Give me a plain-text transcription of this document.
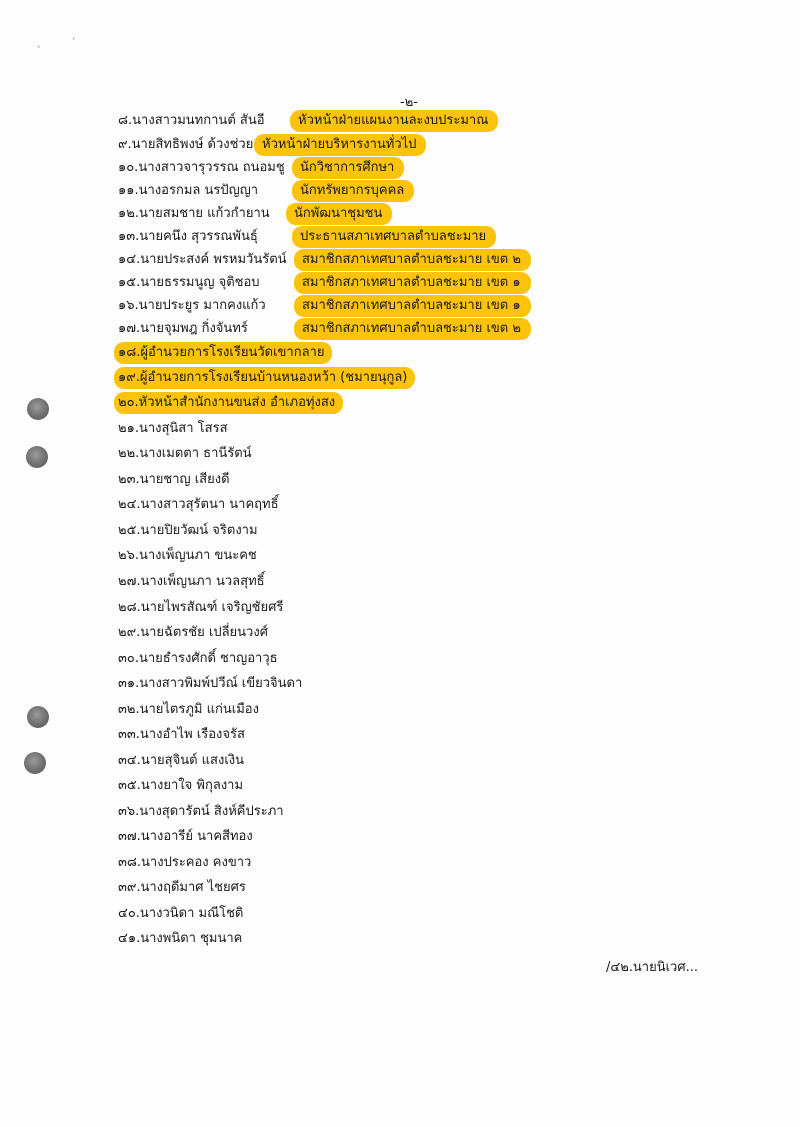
`
´
-๒-
๘.นางสาวมนทกานต์ สันอี	หัวหน้าฝ่ายแผนงานละงบประมาณ
๙.นายสิทธิพงษ์ ด้วงช่วย หัวหน้าฝ่ายบริหารงานทั่วไป
๑๐.นางสาวจารุวรรณ ถนอมชู	นักวิชาการศึกษา
๑๑.นางอรกมล นรปัญญา	นักทรัพยากรบุคคล
๑๒.นายสมชาย แก้วกำยาน	นักพัฒนาชุมชน
๑๓.นายคนึง สุวรรณพันธุ์	ประธานสภาเทศบาลตำบลชะมาย
๑๔.นายประสงค์ พรหมวันรัตน์	สมาชิกสภาเทศบาลตำบลชะมาย เขต ๒
๑๕.นายธรรมนูญ จุติชอบ	สมาชิกสภาเทศบาลตำบลชะมาย เขต ๑
๑๖.นายประยูร มากคงแก้ว	สมาชิกสภาเทศบาลตำบลชะมาย เขต ๑
๑๗.นายจุมพฎ กิ่งจันทร์	สมาชิกสภาเทศบาลตำบลชะมาย เขต ๒
๑๘.ผู้อำนวยการโรงเรียนวัดเขากลาย
๑๙.ผู้อำนวยการโรงเรียนบ้านหนองหว้า (ชมายนุกูล)
๒๐.หัวหน้าสำนักงานขนส่ง อำเภอทุ่งสง
๒๑.นางสุนิสา โสรส
๒๒.นางเมตตา ธานีรัตน์
๒๓.นายชาญ เสียงดี
๒๔.นางสาวสุรัตนา นาคฤทธิ์
๒๕.นายปิยวัฒน์ จริตงาม
๒๖.นางเพ็ญนภา ขนะคช
๒๗.นางเพ็ญนภา นวลสุทธิ์
๒๘.นายไพรสัณฑ์ เจริญชัยศรี
๒๙.นายฉัตรชัย เปลี่ยนวงศ์
๓๐.นายธำรงศักดิ์ ชาญอาวุธ
๓๑.นางสาวพิมพ์ปวีณ์ เขียวจินดา
๓๒.นายไตรภูมิ แก่นเมือง
๓๓.นางอำไพ เรืองจรัส
๓๔.นายสุจินต์ แสงเงิน
๓๕.นางยาใจ พิกุลงาม
๓๖.นางสุดารัตน์ สิงห์คีประภา
๓๗.นางอารีย์ นาคสีทอง
๓๘.นางประคอง คงขาว
๓๙.นางฤดีมาศ ไชยศร
๔๐.นางวนิดา มณีโชติ
๔๑.นางพนิดา ชุมนาค
/๔๒.นายนิเวศ...
